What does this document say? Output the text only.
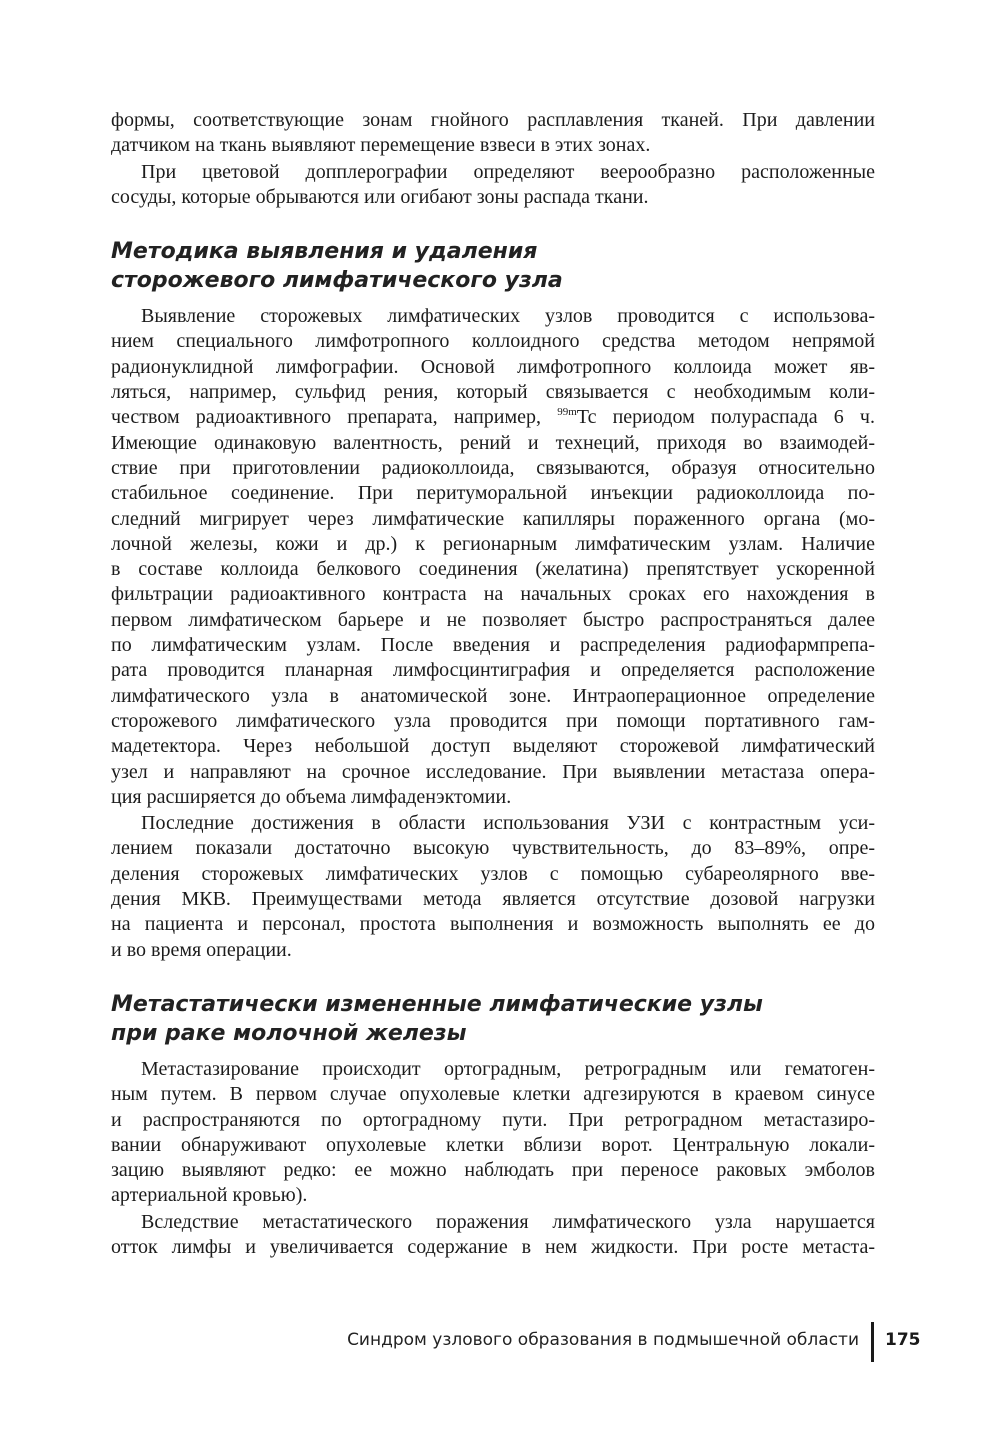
формы, соответствующие зонам гнойного расплавления тканей. При давлении
датчиком на ткань выявляют перемещение взвеси в этих зонах.

При цветовой допплерографии определяют веерообразно расположенные
сосуды, которые обрываются или огибают зоны распада ткани.

Методика выявления и удаления
сторожевого лимфатического узла

Выявление сторожевых лимфатических узлов проводится с использова-
нием специального лимфотропного коллоидного средства методом непрямой
радионуклидной лимфографии. Основой лимфотропного коллоида может яв-
ляться, например, сульфид рения, который связывается с необходимым коли-
чеством радиоактивного препарата, например, $^{99m}$Tc периодом полураспада 6 ч.
Имеющие одинаковую валентность, рений и технеций, приходя во взаимодей-
ствие при приготовлении радиоколлоида, связываются, образуя относительно
стабильное соединение. При перитуморальной инъекции радиоколлоида по-
следний мигрирует через лимфатические капилляры пораженного органа (мо-
лочной железы, кожи и др.) к регионарным лимфатическим узлам. Наличие
в составе коллоида белкового соединения (желатина) препятствует ускоренной
фильтрации радиоактивного контраста на начальных сроках его нахождения в
первом лимфатическом барьере и не позволяет быстро распространяться далее
по лимфатическим узлам. После введения и распределения радиофармпрепа-
рата проводится планарная лимфосцинтиграфия и определяется расположение
лимфатического узла в анатомической зоне. Интраоперационное определение
сторожевого лимфатического узла проводится при помощи портативного гам-
мадетектора. Через небольшой доступ выделяют сторожевой лимфатический
узел и направляют на срочное исследование. При выявлении метастаза опера-
ция расширяется до объема лимфаденэктомии.

Последние достижения в области использования УЗИ с контрастным уси-
лением показали достаточно высокую чувствительность, до 83–89%, опре-
деления сторожевых лимфатических узлов с помощью субареолярного вве-
дения МКВ. Преимуществами метода является отсутствие дозовой нагрузки
на пациента и персонал, простота выполнения и возможность выполнять ее до
и во время операции.

Метастатически измененные лимфатические узлы
при раке молочной железы

Метастазирование происходит ортоградным, ретроградным или гематоген-
ным путем. В первом случае опухолевые клетки адгезируются в краевом синусе
и распространяются по ортоградному пути. При ретроградном метастазиро-
вании обнаруживают опухолевые клетки вблизи ворот. Центральную локали-
зацию выявляют редко: ее можно наблюдать при переносе раковых эмболов
артериальной кровью).

Вследствие метастатического поражения лимфатического узла нарушается
отток лимфы и увеличивается содержание в нем жидкости. При росте метаста-

Синдром узлового образования в подмышечной области 175
